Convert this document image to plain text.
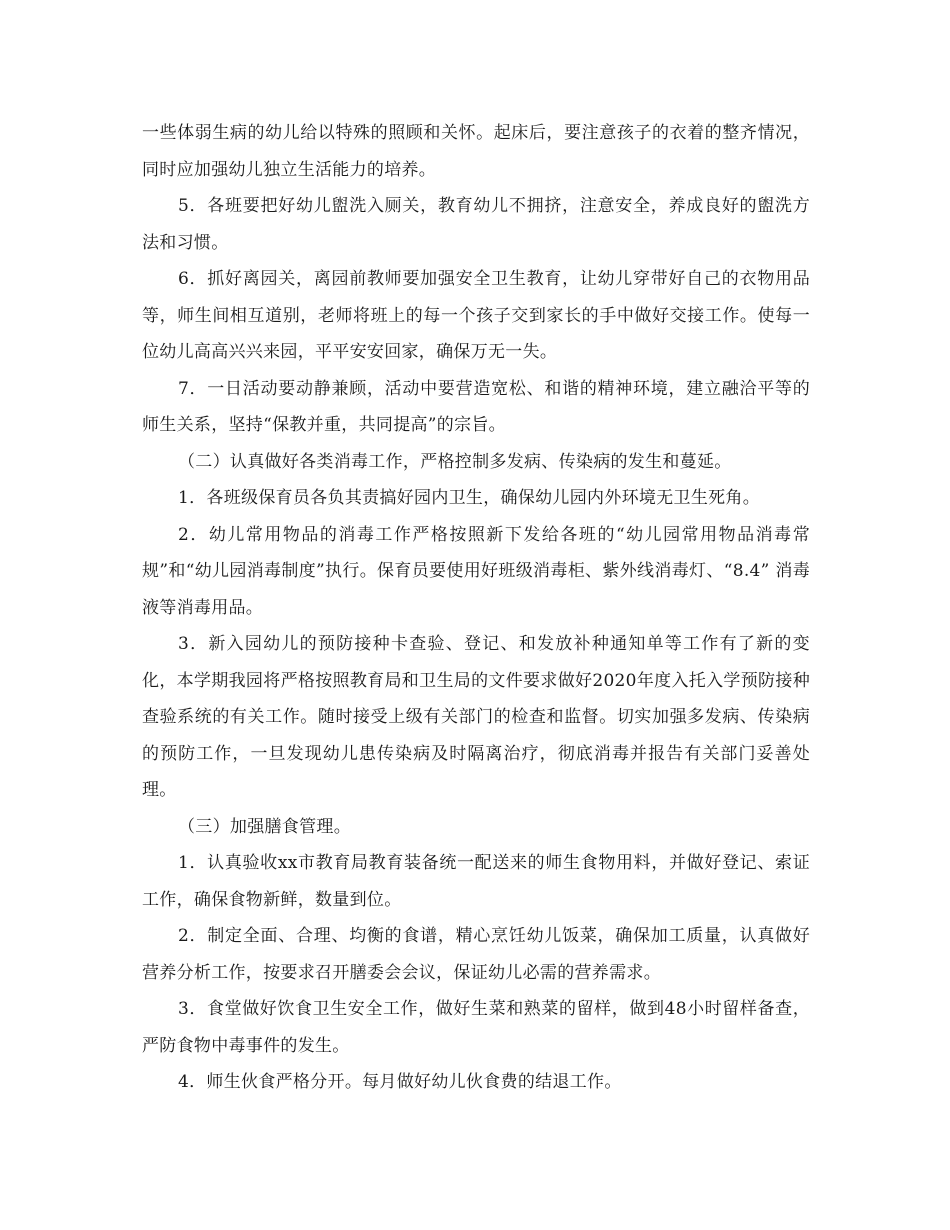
一些体弱生病的幼儿给以特殊的照顾和关怀。起床后，要注意孩子的衣着的整齐情况，同时应加强幼儿独立生活能力的培养。

5．各班要把好幼儿盥洗入厕关，教育幼儿不拥挤，注意安全，养成良好的盥洗方法和习惯。

6．抓好离园关，离园前教师要加强安全卫生教育，让幼儿穿带好自己的衣物用品等，师生间相互道别，老师将班上的每一个孩子交到家长的手中做好交接工作。使每一位幼儿高高兴兴来园，平平安安回家，确保万无一失。

7．一日活动要动静兼顾，活动中要营造宽松、和谐的精神环境，建立融洽平等的师生关系，坚持“保教并重，共同提高”的宗旨。

（二）认真做好各类消毒工作，严格控制多发病、传染病的发生和蔓延。

1．各班级保育员各负其责搞好园内卫生，确保幼儿园内外环境无卫生死角。

2．幼儿常用物品的消毒工作严格按照新下发给各班的“幼儿园常用物品消毒常规”和“幼儿园消毒制度”执行。保育员要使用好班级消毒柜、紫外线消毒灯、“8.4” 消毒液等消毒用品。

3．新入园幼儿的预防接种卡查验、登记、和发放补种通知单等工作有了新的变化，本学期我园将严格按照教育局和卫生局的文件要求做好2020年度入托入学预防接种查验系统的有关工作。随时接受上级有关部门的检查和监督。切实加强多发病、传染病的预防工作，一旦发现幼儿患传染病及时隔离治疗，彻底消毒并报告有关部门妥善处理。

（三）加强膳食管理。

1．认真验收xx市教育局教育装备统一配送来的师生食物用料，并做好登记、索证工作，确保食物新鲜，数量到位。

2．制定全面、合理、均衡的食谱，精心烹饪幼儿饭菜，确保加工质量，认真做好营养分析工作，按要求召开膳委会会议，保证幼儿必需的营养需求。

3．食堂做好饮食卫生安全工作，做好生菜和熟菜的留样，做到48小时留样备查，严防食物中毒事件的发生。

4．师生伙食严格分开。每月做好幼儿伙食费的结退工作。
